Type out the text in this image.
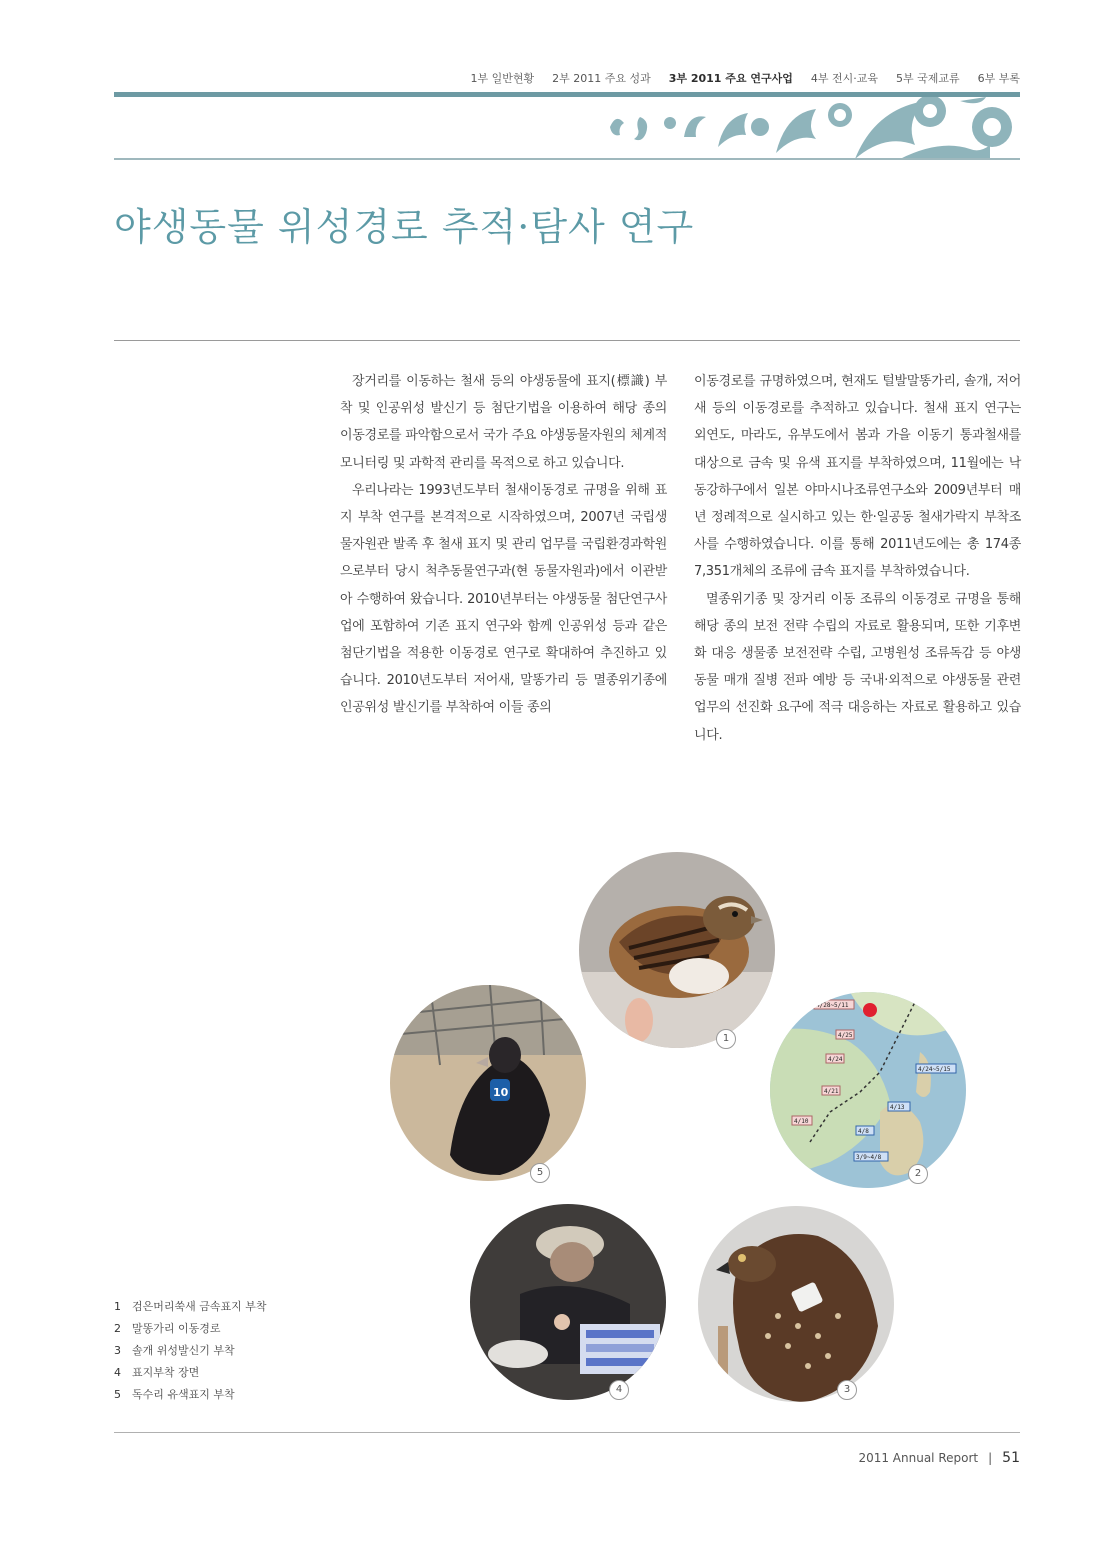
1부 일반현황 2부 2011 주요 성과 3부 2011 주요 연구사업 4부 전시·교육 5부 국제교류 6부 부록
야생동물 위성경로 추적·탐사 연구

장거리를 이동하는 철새 등의 야생동물에 표지(標識) 부착 및 인공위성 발신기 등 첨단기법을 이용하여 해당 종의 이동경로를 파악함으로서 국가 주요 야생동물자원의 체계적 모니터링 및 과학적 관리를 목적으로 하고 있습니다.

우리나라는 1993년도부터 철새이동경로 규명을 위해 표지 부착 연구를 본격적으로 시작하였으며, 2007년 국립생물자원관 발족 후 철새 표지 및 관리 업무를 국립환경과학원으로부터 당시 척추동물연구과(현 동물자원과)에서 이관받아 수행하여 왔습니다. 2010년부터는 야생동물 첨단연구사업에 포함하여 기존 표지 연구와 함께 인공위성 등과 같은 첨단기법을 적용한 이동경로 연구로 확대하여 추진하고 있습니다. 2010년도부터 저어새, 말똥가리 등 멸종위기종에 인공위성 발신기를 부착하여 이들 종의

이동경로를 규명하였으며, 현재도 털발말똥가리, 솔개, 저어새 등의 이동경로를 추적하고 있습니다. 철새 표지 연구는 외연도, 마라도, 유부도에서 봄과 가을 이동기 통과철새를 대상으로 금속 및 유색 표지를 부착하였으며, 11월에는 낙동강하구에서 일본 야마시나조류연구소와 2009년부터 매년 정례적으로 실시하고 있는 한·일공동 철새가락지 부착조사를 수행하였습니다. 이를 통해 2011년도에는 총 174종 7,351개체의 조류에 금속 표지를 부착하였습니다.

멸종위기종 및 장거리 이동 조류의 이동경로 규명을 통해 해당 종의 보전 전략 수립의 자료로 활용되며, 또한 기후변화 대응 생물종 보전전략 수립, 고병원성 조류독감 등 야생동물 매개 질병 전파 예방 등 국내·외적으로 야생동물 관련 업무의 선진화 요구에 적극 대응하는 자료로 활용하고 있습니다.

1
4/28~5/11
4/25
4/24
4/24~5/15
4/21
4/13
4/10
4/8
3/9~4/8
2
10
5
4	3
1 검은머리쑥새 금속표지 부착
2 말똥가리 이동경로
3 솔개 위성발신기 부착
4 표지부착 장면
5 독수리 유색표지 부착
2011 Annual Report | 51
